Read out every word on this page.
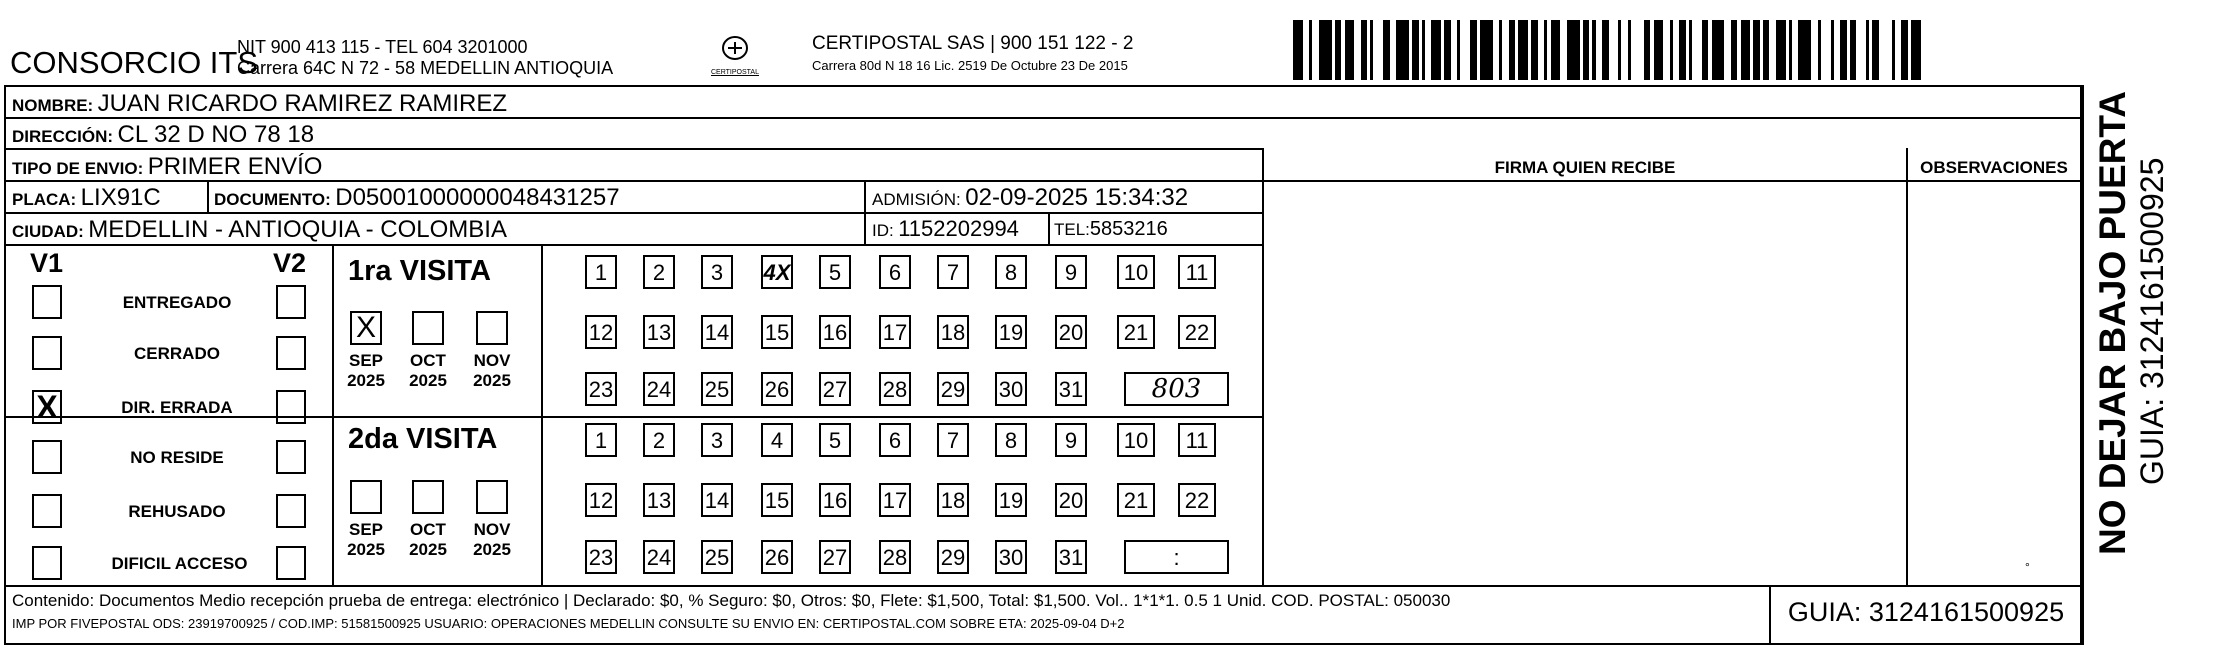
CONSORCIO ITS
NIT 900 413 115 - TEL 604 3201000
Carrera 64C N 72 - 58 MEDELLIN ANTIOQUIA	CERTIPOSTAL
CERTIPOSTAL SAS | 900 151 122 - 2
Carrera 80d N 18 16 Lic. 2519 De Octubre 23 De 2015
NOMBRE: JUAN RICARDO RAMIREZ RAMIREZ
DIRECCIÓN: CL 32 D NO 78 18
TIPO DE ENVIO: PRIMER ENVÍO
PLACA: LIX91C	DOCUMENTO: D05001000000048431257	ADMISIÓN: 02-09-2025 15:34:32
CIUDAD: MEDELLIN - ANTIOQUIA - COLOMBIA	ID: 1152202994 TEL:5853216
FIRMA QUIEN RECIBE	OBSERVACIONES
°
V1	V2
ENTREGADO
CERRADO
X	DIR. ERRADA
NO RESIDE
REHUSADO
DIFICIL ACCESO
1ra VISITA
X
SEP
2025
OCT
2025
NOV
2025
1	2	3	4X	5	6	7	8	9	10	11
12 13 14 15 16 17 18 19 20	21	22
23 24 25 26 27 28 29 30 31	803
2da VISITA
SEP
2025
OCT
2025
NOV
2025
1	2	3	4	5	6	7	8	9	10	11
12 13 14 15 16 17 18 19 20	21	22
23 24 25 26 27 28 29 30 31	:
Contenido: Documentos Medio recepción prueba de entrega: electrónico | Declarado: $0, % Seguro: $0, Otros: $0, Flete: $1,500, Total: $1,500. Vol.. 1*1*1. 0.5 1 Unid. COD. POSTAL: 050030
IMP POR FIVEPOSTAL ODS: 23919700925 / COD.IMP: 51581500925 USUARIO: OPERACIONES MEDELLIN CONSULTE SU ENVIO EN: CERTIPOSTAL.COM SOBRE ETA: 2025-09-04 D+2	GUIA: 3124161500925
NO DEJAR BAJO PUERTA GUIA: 3124161500925
